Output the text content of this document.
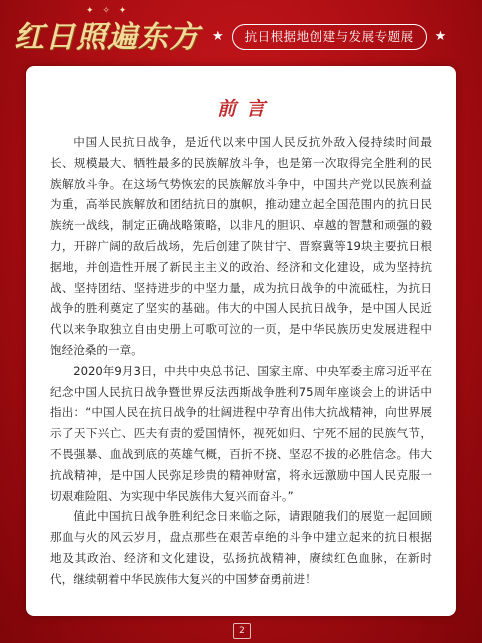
✦ ✧ ✦
红日照遍东方 ★	抗日根据地创建与发展专题展	★
前言

中国人民抗日战争，是近代以来中国人民反抗外敌入侵持续时间最长、规模最大、牺牲最多的民族解放斗争，也是第一次取得完全胜利的民族解放斗争。在这场气势恢宏的民族解放斗争中，中国共产党以民族利益为重，高举民族解放和团结抗日的旗帜，推动建立起全国范围内的抗日民族统一战线，制定正确战略策略，以非凡的胆识、卓越的智慧和顽强的毅力，开辟广阔的敌后战场，先后创建了陕甘宁、晋察冀等19块主要抗日根据地，并创造性开展了新民主主义的政治、经济和文化建设，成为坚持抗战、坚持团结、坚持进步的中坚力量，成为抗日战争的中流砥柱，为抗日战争的胜利奠定了坚实的基础。伟大的中国人民抗日战争，是中国人民近代以来争取独立自由史册上可歌可泣的一页，是中华民族历史发展进程中饱经沧桑的一章。

2020年9月3日，中共中央总书记、国家主席、中央军委主席习近平在纪念中国人民抗日战争暨世界反法西斯战争胜利75周年座谈会上的讲话中指出：“中国人民在抗日战争的壮阔进程中孕育出伟大抗战精神，向世界展示了天下兴亡、匹夫有责的爱国情怀，视死如归、宁死不屈的民族气节，不畏强暴、血战到底的英雄气概，百折不挠、坚忍不拔的必胜信念。伟大抗战精神，是中国人民弥足珍贵的精神财富，将永远激励中国人民克服一切艰难险阻、为实现中华民族伟大复兴而奋斗。”

值此中国抗日战争胜利纪念日来临之际，请跟随我们的展览一起回顾那血与火的风云岁月，盘点那些在艰苦卓绝的斗争中建立起来的抗日根据地及其政治、经济和文化建设，弘扬抗战精神，赓续红色血脉，在新时代，继续朝着中华民族伟大复兴的中国梦奋勇前进！

2
